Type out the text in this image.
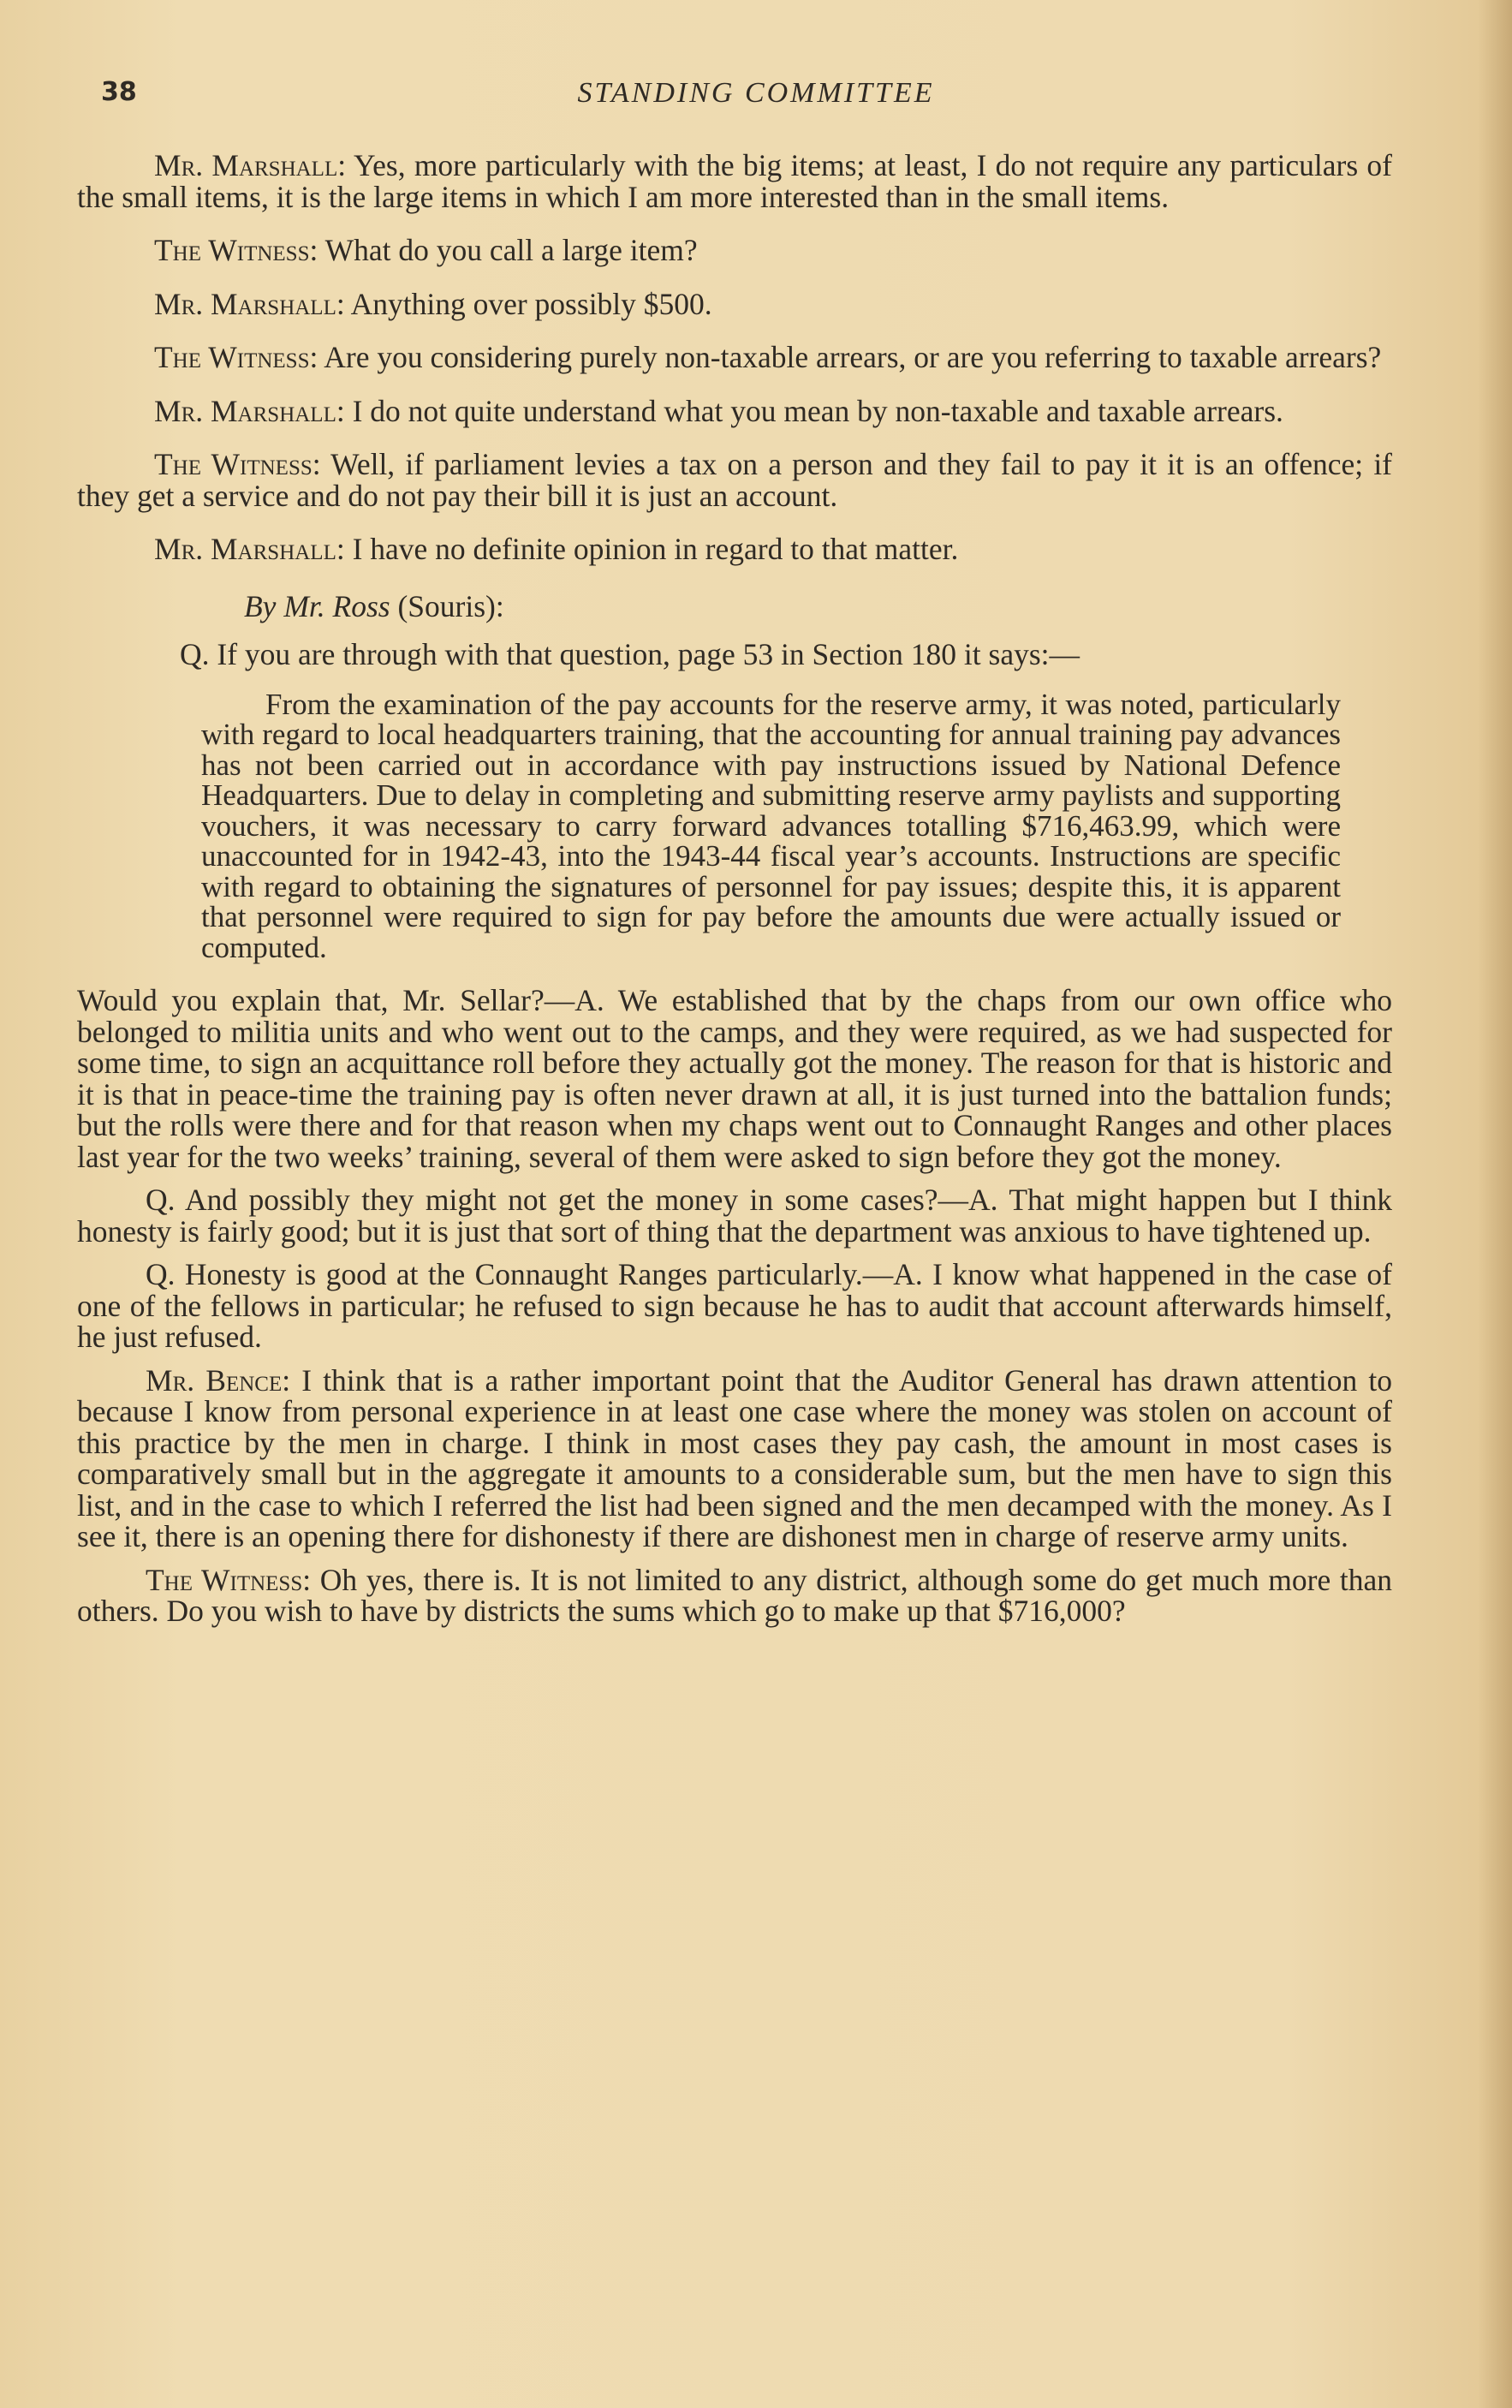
38	STANDING COMMITTEE

Mr. Marshall: Yes, more particularly with the big items; at least, I do not require any particulars of the small items, it is the large items in which I am more interested than in the small items.

The Witness: What do you call a large item?

Mr. Marshall: Anything over possibly $500.

The Witness: Are you considering purely non-taxable arrears, or are you referring to taxable arrears?

Mr. Marshall: I do not quite understand what you mean by non-taxable and taxable arrears.

The Witness: Well, if parliament levies a tax on a person and they fail to pay it it is an offence; if they get a service and do not pay their bill it is just an account.

Mr. Marshall: I have no definite opinion in regard to that matter.

By Mr. Ross (Souris):

Q. If you are through with that question, page 53 in Section 180 it says:—

From the examination of the pay accounts for the reserve army, it was noted, particularly with regard to local headquarters training, that the accounting for annual training pay advances has not been carried out in accordance with pay instructions issued by National Defence Headquarters. Due to delay in completing and submitting reserve army paylists and supporting vouchers, it was necessary to carry forward advances totalling $716,463.99, which were unaccounted for in 1942-43, into the 1943-44 fiscal year’s accounts. Instructions are specific with regard to obtaining the signatures of personnel for pay issues; despite this, it is apparent that personnel were required to sign for pay before the amounts due were actually issued or computed.

Would you explain that, Mr. Sellar?—A. We established that by the chaps from our own office who belonged to militia units and who went out to the camps, and they were required, as we had suspected for some time, to sign an acquittance roll before they actually got the money. The reason for that is historic and it is that in peace-time the training pay is often never drawn at all, it is just turned into the battalion funds; but the rolls were there and for that reason when my chaps went out to Connaught Ranges and other places last year for the two weeks’ training, several of them were asked to sign before they got the money.

Q. And possibly they might not get the money in some cases?—A. That might happen but I think honesty is fairly good; but it is just that sort of thing that the department was anxious to have tightened up.

Q. Honesty is good at the Connaught Ranges particularly.—A. I know what happened in the case of one of the fellows in particular; he refused to sign because he has to audit that account afterwards himself, he just refused.

Mr. Bence: I think that is a rather important point that the Auditor General has drawn attention to because I know from personal experience in at least one case where the money was stolen on account of this practice by the men in charge. I think in most cases they pay cash, the amount in most cases is comparatively small but in the aggregate it amounts to a considerable sum, but the men have to sign this list, and in the case to which I referred the list had been signed and the men decamped with the money. As I see it, there is an opening there for dishonesty if there are dishonest men in charge of reserve army units.

The Witness: Oh yes, there is. It is not limited to any district, although some do get much more than others. Do you wish to have by districts the sums which go to make up that $716,000?
